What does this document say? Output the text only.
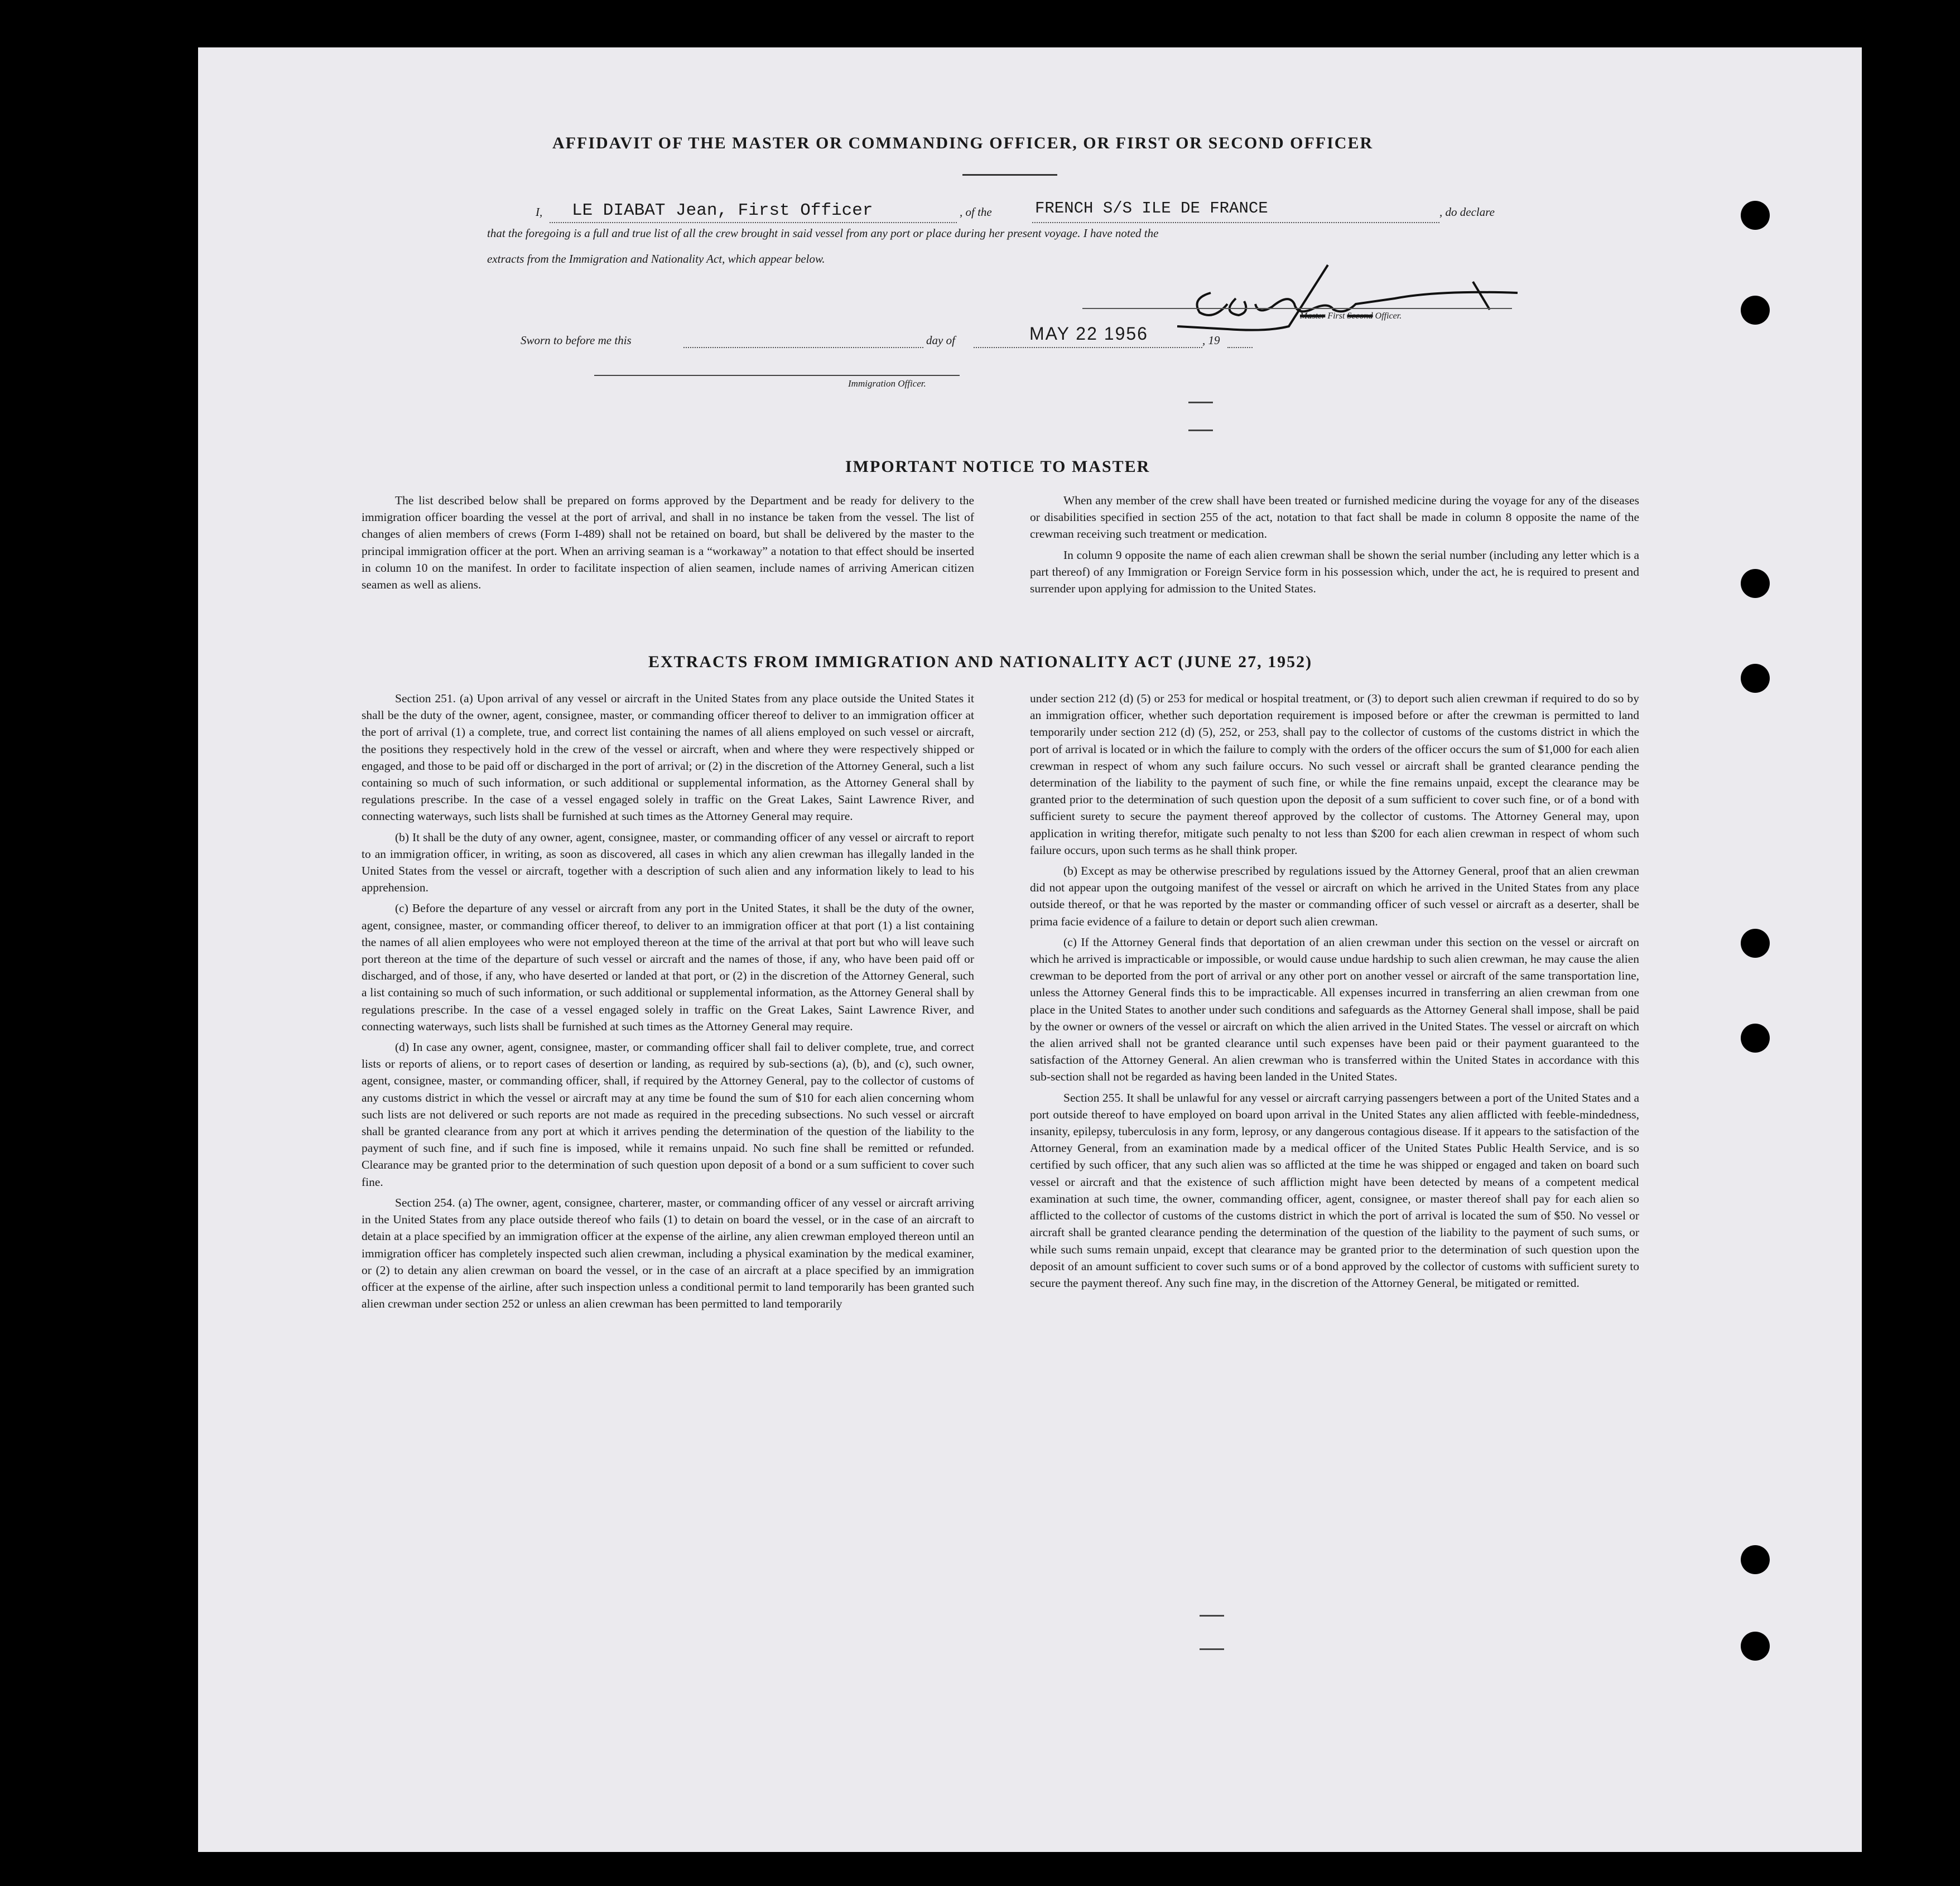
AFFIDAVIT OF THE MASTER OR COMMANDING OFFICER, OR FIRST OR SECOND OFFICER
I, LE DIABAT Jean, First Officer	, of the	FRENCH S/S ILE DE FRANCE	, do declare
that the foregoing is a full and true list of all the crew brought in said vessel from any port or place during her present voyage. I have noted the
extracts from the Immigration and Nationality Act, which appear below.
Master First Second Officer.
Sworn to before me this	day of	MAY 22 1956	, 19
Immigration Officer.
IMPORTANT NOTICE TO MASTER

The list described below shall be prepared on forms approved by the Department and be ready for delivery to the immigration officer boarding the vessel at the port of arrival, and shall in no instance be taken from the vessel. The list of changes of alien members of crews (Form I-489) shall not be retained on board, but shall be delivered by the master to the principal immigration officer at the port. When an arriving seaman is a “workaway” a notation to that effect should be inserted in column 10 on the manifest. In order to facilitate inspection of alien seamen, include names of arriving American citizen seamen as well as aliens.

When any member of the crew shall have been treated or furnished medicine during the voyage for any of the diseases or disabilities specified in section 255 of the act, notation to that fact shall be made in column 8 opposite the name of the crewman receiving such treatment or medication.

In column 9 opposite the name of each alien crewman shall be shown the serial number (including any letter which is a part thereof) of any Immigration or Foreign Service form in his possession which, under the act, he is required to present and surrender upon applying for admission to the United States.

EXTRACTS FROM IMMIGRATION AND NATIONALITY ACT (JUNE 27, 1952)

Section 251. (a) Upon arrival of any vessel or aircraft in the United States from any place outside the United States it shall be the duty of the owner, agent, consignee, master, or commanding officer thereof to deliver to an immigration officer at the port of arrival (1) a complete, true, and correct list containing the names of all aliens employed on such vessel or aircraft, the positions they respectively hold in the crew of the vessel or aircraft, when and where they were respectively shipped or engaged, and those to be paid off or discharged in the port of arrival; or (2) in the discretion of the Attorney General, such a list containing so much of such information, or such additional or supplemental information, as the Attorney General shall by regulations prescribe. In the case of a vessel engaged solely in traffic on the Great Lakes, Saint Lawrence River, and connecting waterways, such lists shall be furnished at such times as the Attorney General may require.

(b) It shall be the duty of any owner, agent, consignee, master, or commanding officer of any vessel or aircraft to report to an immigration officer, in writing, as soon as discovered, all cases in which any alien crewman has illegally landed in the United States from the vessel or aircraft, together with a description of such alien and any information likely to lead to his apprehension.

(c) Before the departure of any vessel or aircraft from any port in the United States, it shall be the duty of the owner, agent, consignee, master, or commanding officer thereof, to deliver to an immigration officer at that port (1) a list containing the names of all alien employees who were not employed thereon at the time of the arrival at that port but who will leave such port thereon at the time of the departure of such vessel or aircraft and the names of those, if any, who have been paid off or discharged, and of those, if any, who have deserted or landed at that port, or (2) in the discretion of the Attorney General, such a list containing so much of such information, or such additional or supplemental information, as the Attorney General shall by regulations prescribe. In the case of a vessel engaged solely in traffic on the Great Lakes, Saint Lawrence River, and connecting waterways, such lists shall be furnished at such times as the Attorney General may require.

(d) In case any owner, agent, consignee, master, or commanding officer shall fail to deliver complete, true, and correct lists or reports of aliens, or to report cases of desertion or landing, as required by sub-sections (a), (b), and (c), such owner, agent, consignee, master, or commanding officer, shall, if required by the Attorney General, pay to the collector of customs of any customs district in which the vessel or aircraft may at any time be found the sum of $10 for each alien concerning whom such lists are not delivered or such reports are not made as required in the preceding subsections. No such vessel or aircraft shall be granted clearance from any port at which it arrives pending the determination of the question of the liability to the payment of such fine, and if such fine is imposed, while it remains unpaid. No such fine shall be remitted or refunded. Clearance may be granted prior to the determination of such question upon deposit of a bond or a sum sufficient to cover such fine.

Section 254. (a) The owner, agent, consignee, charterer, master, or commanding officer of any vessel or aircraft arriving in the United States from any place outside thereof who fails (1) to detain on board the vessel, or in the case of an aircraft to detain at a place specified by an immigration officer at the expense of the airline, any alien crewman employed thereon until an immigration officer has completely inspected such alien crewman, including a physical examination by the medical examiner, or (2) to detain any alien crewman on board the vessel, or in the case of an aircraft at a place specified by an immigration officer at the expense of the airline, after such inspection unless a conditional permit to land temporarily has been granted such alien crewman under section 252 or unless an alien crewman has been permitted to land temporarily

under section 212 (d) (5) or 253 for medical or hospital treatment, or (3) to deport such alien crewman if required to do so by an immigration officer, whether such deportation requirement is imposed before or after the crewman is permitted to land temporarily under section 212 (d) (5), 252, or 253, shall pay to the collector of customs of the customs district in which the port of arrival is located or in which the failure to comply with the orders of the officer occurs the sum of $1,000 for each alien crewman in respect of whom any such failure occurs. No such vessel or aircraft shall be granted clearance pending the determination of the liability to the payment of such fine, or while the fine remains unpaid, except the clearance may be granted prior to the determination of such question upon the deposit of a sum sufficient to cover such fine, or of a bond with sufficient surety to secure the payment thereof approved by the collector of customs. The Attorney General may, upon application in writing therefor, mitigate such penalty to not less than $200 for each alien crewman in respect of whom such failure occurs, upon such terms as he shall think proper.

(b) Except as may be otherwise prescribed by regulations issued by the Attorney General, proof that an alien crewman did not appear upon the outgoing manifest of the vessel or aircraft on which he arrived in the United States from any place outside thereof, or that he was reported by the master or commanding officer of such vessel or aircraft as a deserter, shall be prima facie evidence of a failure to detain or deport such alien crewman.

(c) If the Attorney General finds that deportation of an alien crewman under this section on the vessel or aircraft on which he arrived is impracticable or impossible, or would cause undue hardship to such alien crewman, he may cause the alien crewman to be deported from the port of arrival or any other port on another vessel or aircraft of the same transportation line, unless the Attorney General finds this to be impracticable. All expenses incurred in transferring an alien crewman from one place in the United States to another under such conditions and safeguards as the Attorney General shall impose, shall be paid by the owner or owners of the vessel or aircraft on which the alien arrived in the United States. The vessel or aircraft on which the alien arrived shall not be granted clearance until such expenses have been paid or their payment guaranteed to the satisfaction of the Attorney General. An alien crewman who is transferred within the United States in accordance with this sub-section shall not be regarded as having been landed in the United States.

Section 255. It shall be unlawful for any vessel or aircraft carrying passengers between a port of the United States and a port outside thereof to have employed on board upon arrival in the United States any alien afflicted with feeble-mindedness, insanity, epilepsy, tuberculosis in any form, leprosy, or any dangerous contagious disease. If it appears to the satisfaction of the Attorney General, from an examination made by a medical officer of the United States Public Health Service, and is so certified by such officer, that any such alien was so afflicted at the time he was shipped or engaged and taken on board such vessel or aircraft and that the existence of such affliction might have been detected by means of a competent medical examination at such time, the owner, commanding officer, agent, consignee, or master thereof shall pay for each alien so afflicted to the collector of customs of the customs district in which the port of arrival is located the sum of $50. No vessel or aircraft shall be granted clearance pending the determination of the question of the liability to the payment of such sums, or while such sums remain unpaid, except that clearance may be granted prior to the determination of such question upon the deposit of an amount sufficient to cover such sums or of a bond approved by the collector of customs with sufficient surety to secure the payment thereof. Any such fine may, in the discretion of the Attorney General, be mitigated or remitted.
